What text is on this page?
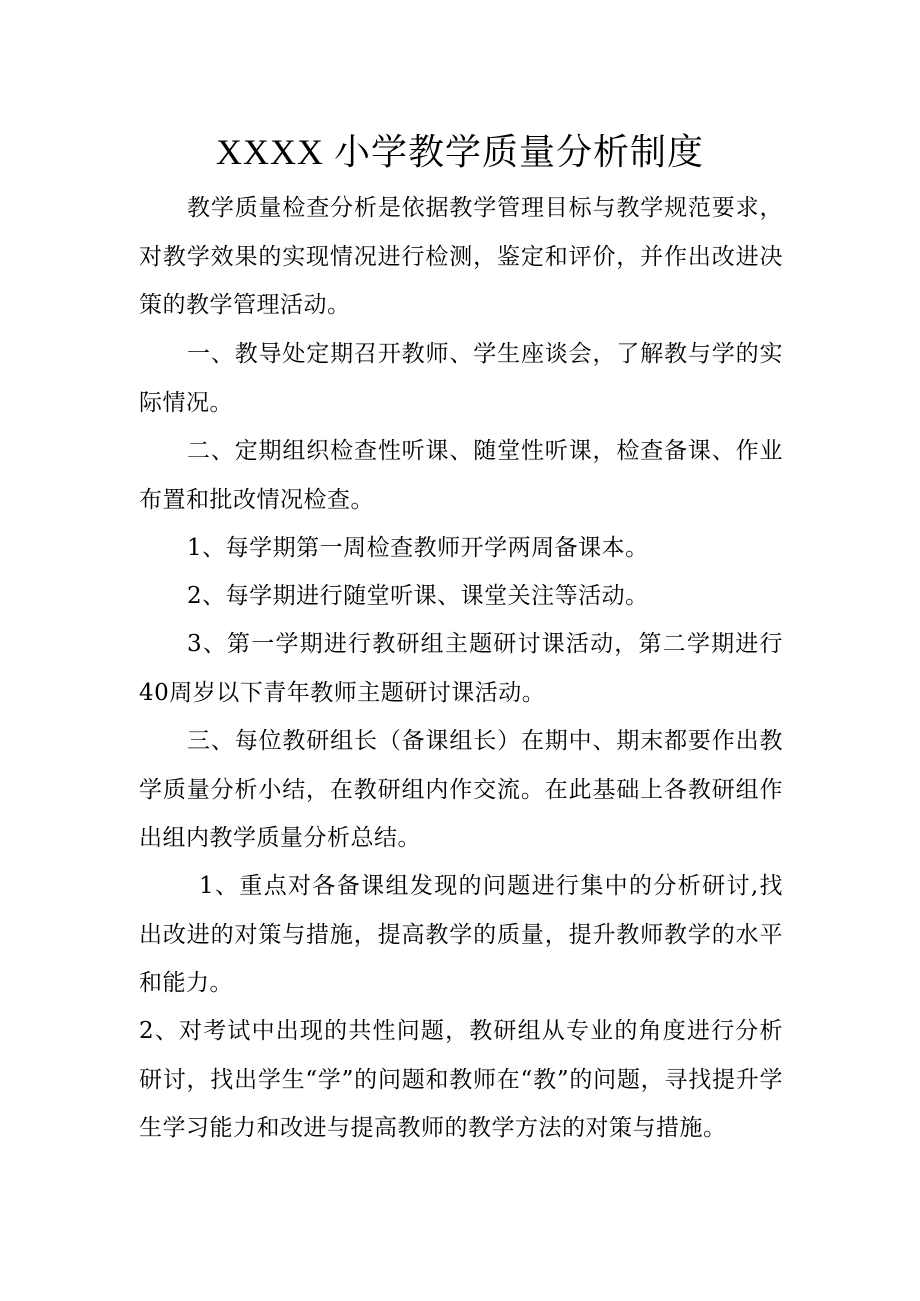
XXXX 小学教学质量分析制度
教学质量检查分析是依据教学管理目标与教学规范要求，对教学效果的实现情况进行检测，鉴定和评价，并作出改进决策的教学管理活动。
一、教导处定期召开教师、学生座谈会，了解教与学的实际情况。
二、定期组织检查性听课、随堂性听课，检查备课、作业布置和批改情况检查。
1、每学期第一周检查教师开学两周备课本。
2、每学期进行随堂听课、课堂关注等活动。
3、第一学期进行教研组主题研讨课活动，第二学期进行40周岁以下青年教师主题研讨课活动。
三、每位教研组长（备课组长）在期中、期末都要作出教学质量分析小结，在教研组内作交流。在此基础上各教研组作出组内教学质量分析总结。
1、重点对各备课组发现的问题进行集中的分析研讨,找出改进的对策与措施，提高教学的质量，提升教师教学的水平和能力。
2、对考试中出现的共性问题，教研组从专业的角度进行分析研讨，找出学生“学”的问题和教师在“教”的问题，寻找提升学生学习能力和改进与提高教师的教学方法的对策与措施。
